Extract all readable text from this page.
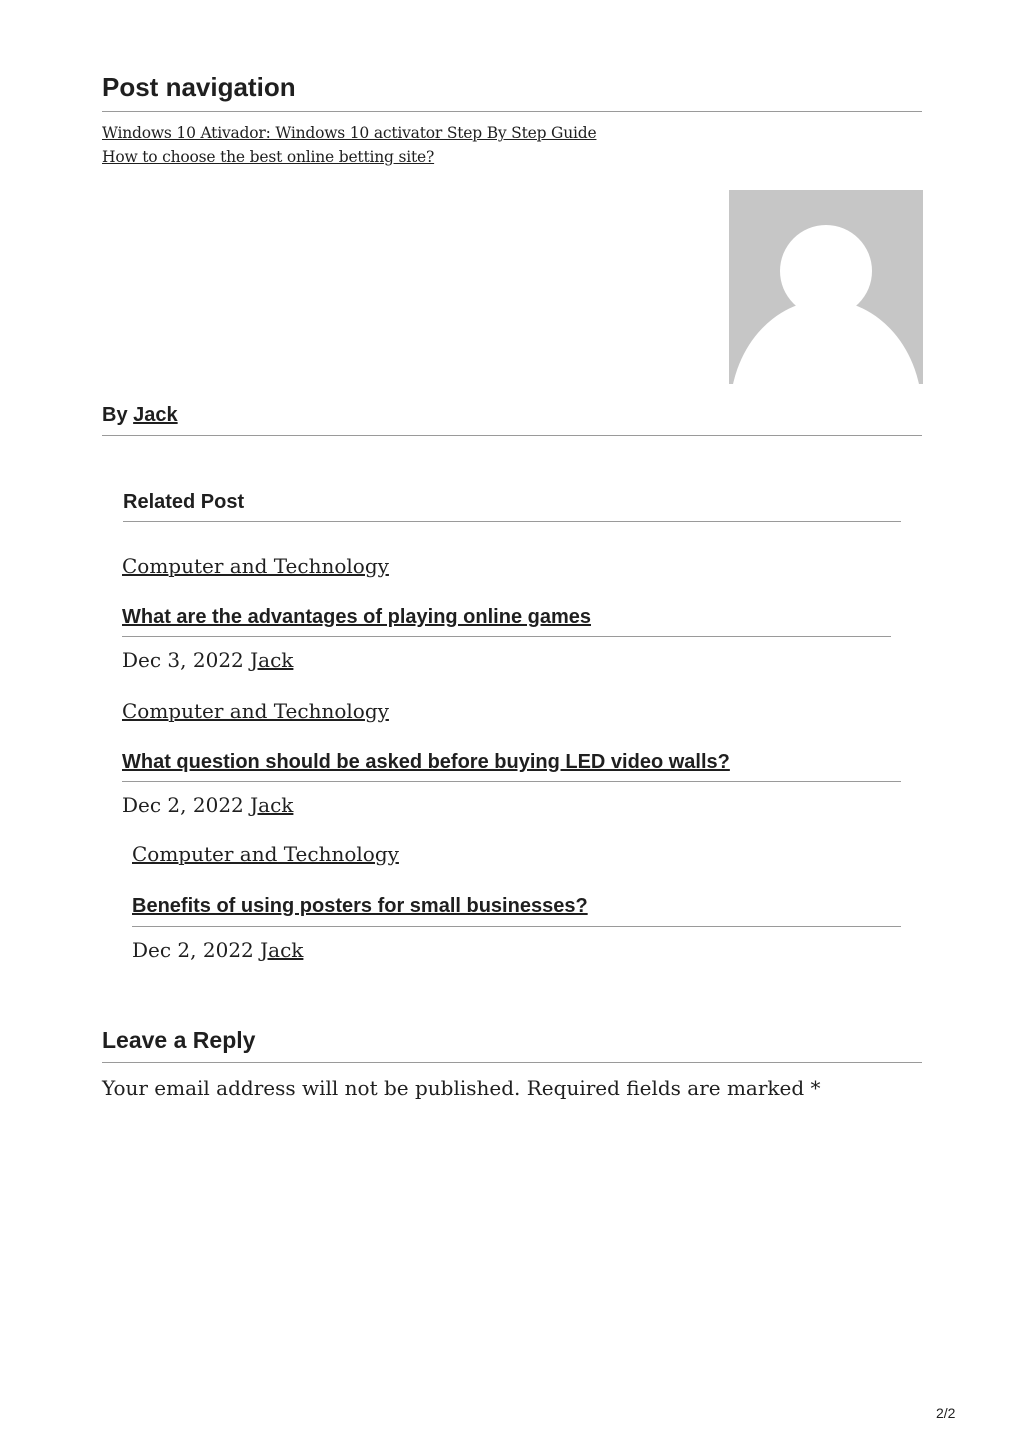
Post navigation
Windows 10 Ativador: Windows 10 activator Step By Step Guide
How to choose the best online betting site?
By Jack
Related Post
Computer and Technology
What are the advantages of playing online games
Dec 3, 2022 Jack
Computer and Technology
What question should be asked before buying LED video walls?
Dec 2, 2022 Jack
Computer and Technology
Benefits of using posters for small businesses?
Dec 2, 2022 Jack
Leave a Reply
Your email address will not be published. Required fields are marked *
2/2
